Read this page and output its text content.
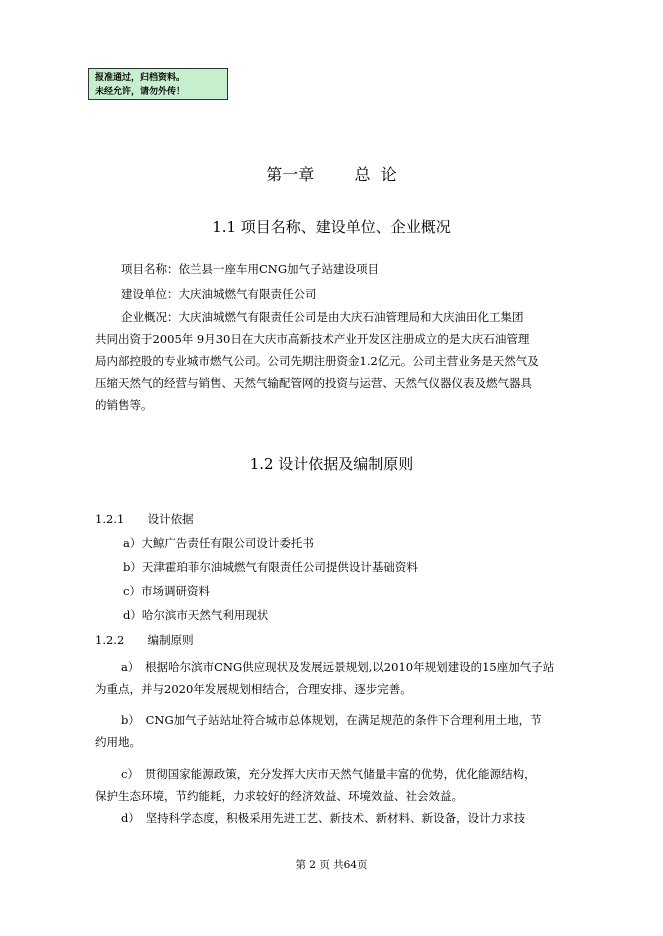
报准通过，归档资料。
未经允许，请勿外传！
第一章	总  论
1.1 项目名称、建设单位、企业概况
项目名称：依兰县一座车用CNG加气子站建设项目
建设单位：大庆油城燃气有限责任公司
企业概况：大庆油城燃气有限责任公司是由大庆石油管理局和大庆油田化工集团
共同出资于2005年 9月30日在大庆市高新技术产业开发区注册成立的是大庆石油管理
局内部控股的专业城市燃气公司。公司先期注册资金1.2亿元。公司主营业务是天然气及
压缩天然气的经营与销售、天然气输配管网的投资与运营、天然气仪器仪表及燃气器具
的销售等。
1.2 设计依据及编制原则
1.2.1 设计依据
a）大鲸广告责任有限公司设计委托书
b）天津霍珀菲尔油城燃气有限责任公司提供设计基础资料
c）市场调研资料
d）哈尔滨市天然气利用现状
1.2.2 编制原则
a）　根据哈尔滨市CNG供应现状及发展远景规划,以2010年规划建设的15座加气子站
为重点，并与2020年发展规划相结合，合理安排、逐步完善。
b）　CNG加气子站站址符合城市总体规划，在满足规范的条件下合理利用土地，节
约用地。
c）　贯彻国家能源政策，充分发挥大庆市天然气储量丰富的优势，优化能源结构，
保护生态环境，节约能耗，力求较好的经济效益、环境效益、社会效益。
d）　坚持科学态度，积极采用先进工艺、新技术、新材料、新设备，设计力求技
第 2 页 共64页
